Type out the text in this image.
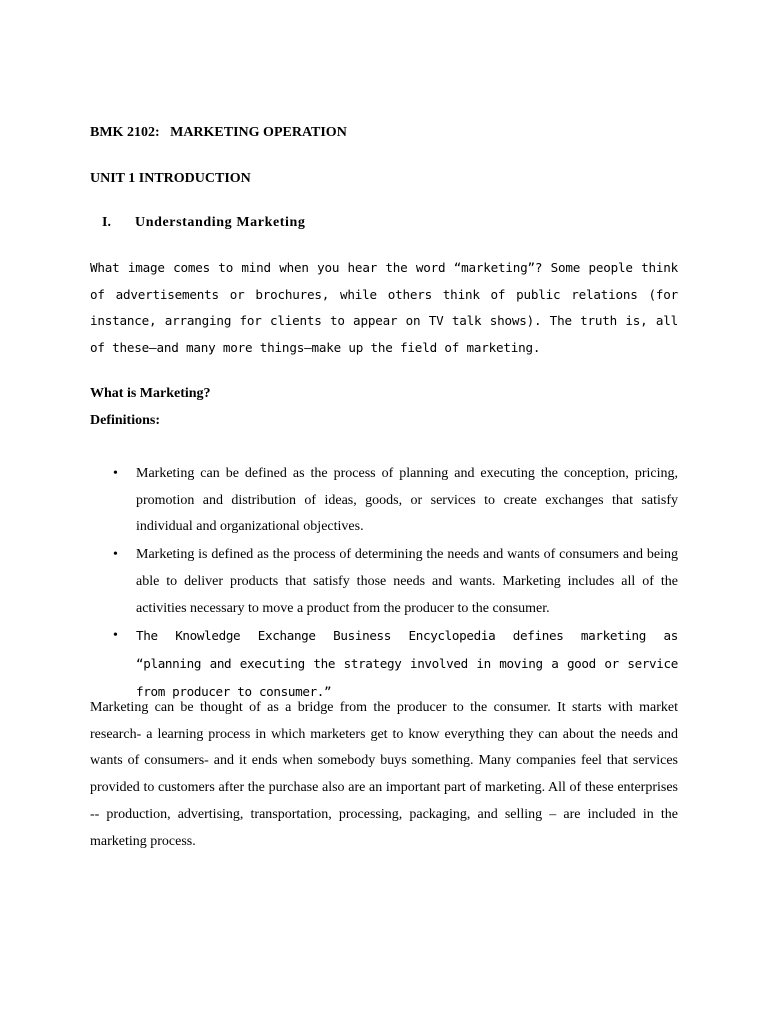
BMK 2102:   MARKETING OPERATION
UNIT 1 INTRODUCTION
I. Understanding Marketing

What image comes to mind when you hear the word “marketing”? Some people think of advertisements or brochures, while others think of public relations (for instance, arranging for clients to appear on TV talk shows). The truth is, all of these—and many more things—make up the field of marketing.

What is Marketing?
Definitions:
• Marketing can be defined as the process of planning and executing the conception, pricing, promotion and distribution of ideas, goods, or services to create exchanges that satisfy individual and organizational objectives.
• Marketing is defined as the process of determining the needs and wants of consumers and being able to deliver products that satisfy those needs and wants. Marketing includes all of the activities necessary to move a product from the producer to the consumer.
• The Knowledge Exchange Business Encyclopedia defines marketing as “planning and executing the strategy involved in moving a good or service from producer to consumer.”

Marketing can be thought of as a bridge from the producer to the consumer. It starts with market research- a learning process in which marketers get to know everything they can about the needs and wants of consumers- and it ends when somebody buys something. Many companies feel that services provided to customers after the purchase also are an important part of marketing. All of these enterprises -- production, advertising, transportation, processing, packaging, and selling – are included in the marketing process.
